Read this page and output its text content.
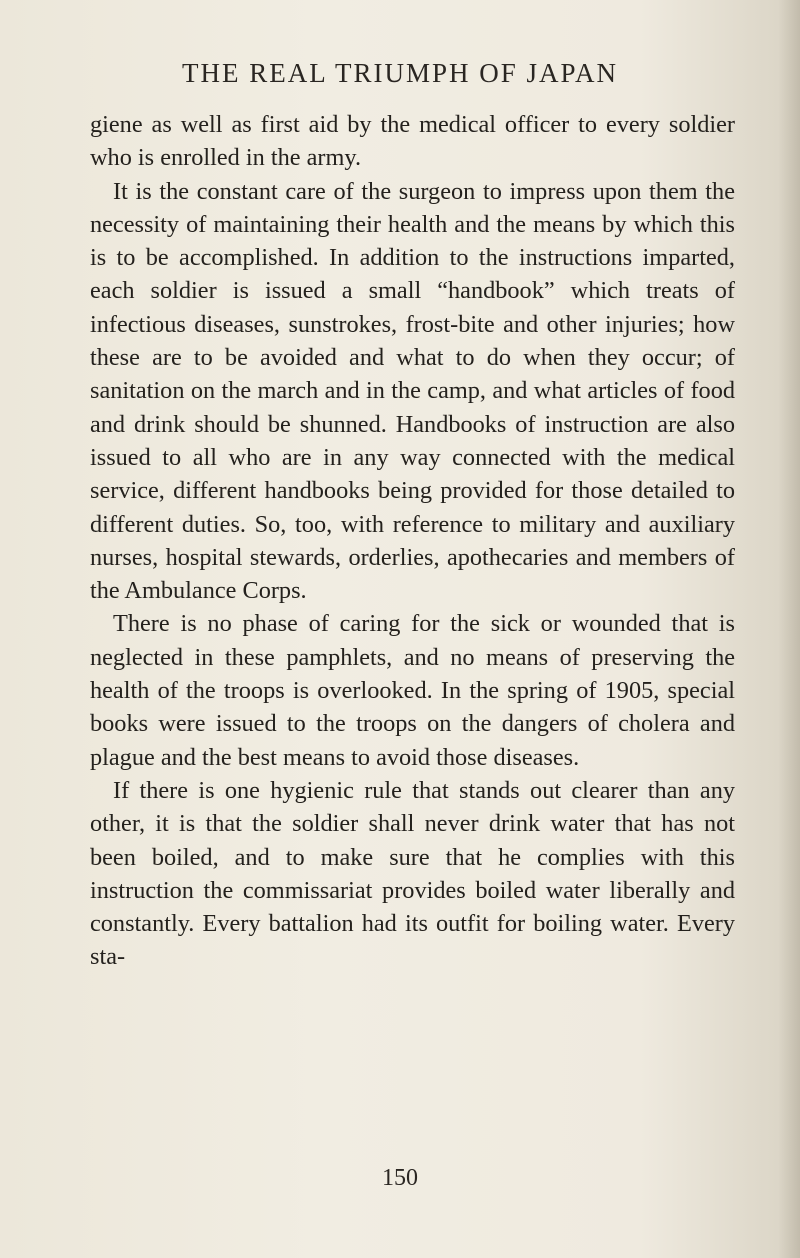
THE REAL TRIUMPH OF JAPAN

giene as well as first aid by the medical officer to every soldier who is enrolled in the army.

It is the constant care of the surgeon to impress upon them the necessity of maintaining their health and the means by which this is to be accomplished. In addition to the instructions imparted, each soldier is issued a small “handbook” which treats of infectious diseases, sunstrokes, frost-bite and other injuries; how these are to be avoided and what to do when they occur; of sanitation on the march and in the camp, and what articles of food and drink should be shunned. Handbooks of instruction are also issued to all who are in any way connected with the medical service, different handbooks being provided for those detailed to different duties. So, too, with reference to military and auxiliary nurses, hospital stewards, orderlies, apothecaries and members of the Ambulance Corps.

There is no phase of caring for the sick or wounded that is neglected in these pamphlets, and no means of preserving the health of the troops is overlooked. In the spring of 1905, special books were issued to the troops on the dangers of cholera and plague and the best means to avoid those diseases.

If there is one hygienic rule that stands out clearer than any other, it is that the soldier shall never drink water that has not been boiled, and to make sure that he complies with this instruction the commissariat provides boiled water liberally and constantly. Every battalion had its outfit for boiling water. Every sta-

150
